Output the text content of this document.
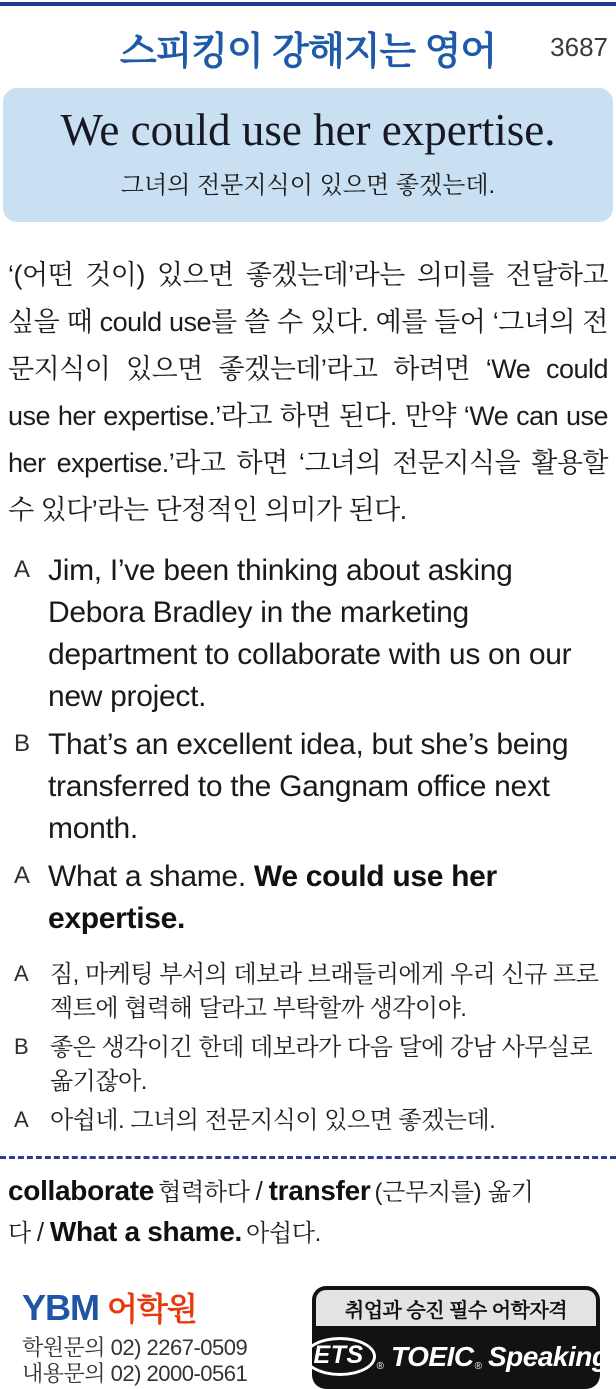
스피킹이 강해지는 영어 3687
We could use her expertise.
그녀의 전문지식이 있으면 좋겠는데.

‘(어떤 것이) 있으면 좋겠는데’라는 의미를 전달하고 싶을 때 could use를 쓸 수 있다. 예를 들어 ‘그녀의 전문지식이 있으면 좋겠는데’라고 하려면 ‘We could use her expertise.’라고 하면 된다. 만약 ‘We can use her expertise.’라고 하면 ‘그녀의 전문지식을 활용할 수 있다’라는 단정적인 의미가 된다.

A Jim, I’ve been thinking about asking Debora Bradley in the marketing department to collaborate with us on our new project.
B That’s an excellent idea, but she’s being transferred to the Gangnam office next month.
A What a shame. We could use her expertise.
A 짐, 마케팅 부서의 데보라 브래들리에게 우리 신규 프로젝트에 협력해 달라고 부탁할까 생각이야.
B 좋은 생각이긴 한데 데보라가 다음 달에 강남 사무실로 옮기잖아.
A 아쉽네. 그녀의 전문지식이 있으면 좋겠는데.

collaborate 협력하다 / transfer (근무지를) 옮기다 / What a shame. 아쉽다.

YBM 어학원
학원문의 02) 2267-0509
내용문의 02) 2000-0561
취업과 승진 필수 어학자격
ETS	® TOEIC ® Speaking
